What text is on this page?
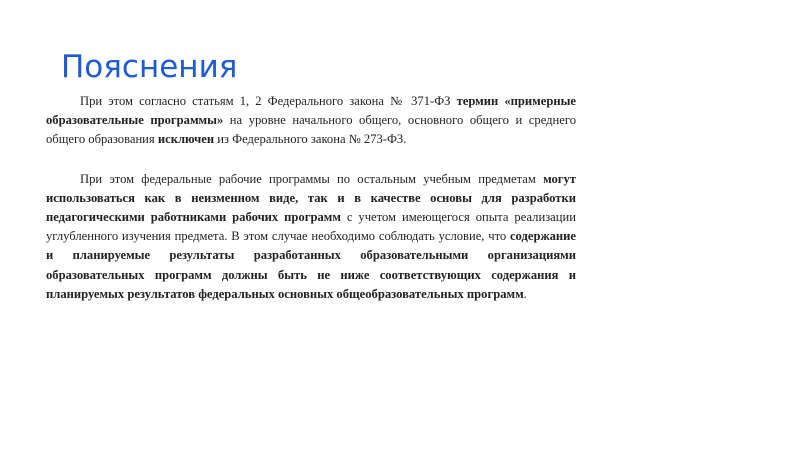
Пояснения

При этом согласно статьям 1, 2 Федерального закона № 371-ФЗ термин «примерные образовательные программы» на уровне начального общего, основного общего и среднего общего образования исключен из Федерального закона № 273-ФЗ.

При этом федеральные рабочие программы по остальным учебным предметам могут использоваться как в неизменном виде, так и в качестве основы для разработки педагогическими работниками рабочих программ с учетом имеющегося опыта реализации углубленного изучения предмета. В этом случае необходимо соблюдать условие, что содержание и планируемые результаты разработанных образовательными организациями образовательных программ должны быть не ниже соответствующих содержания и планируемых результатов федеральных основных общеобразовательных программ.
